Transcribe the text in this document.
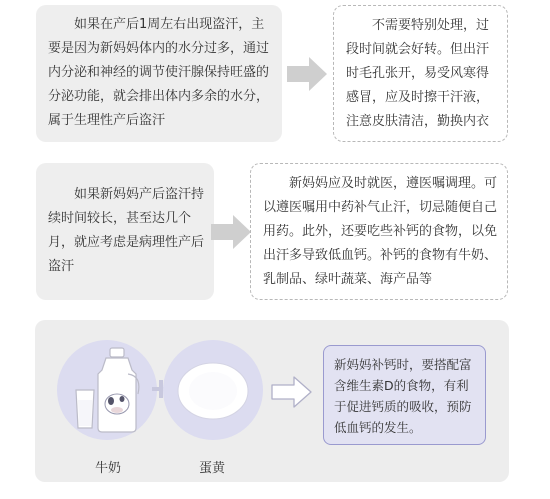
如果在产后1周左右出现盗汗，主要是因为新妈妈体内的水分过多，通过内分泌和神经的调节使汗腺保持旺盛的分泌功能，就会排出体内多余的水分，属于生理性产后盗汗
不需要特别处理，过段时间就会好转。但出汗时毛孔张开，易受风寒得感冒，应及时擦干汗液，注意皮肤清洁，勤换内衣
如果新妈妈产后盗汗持续时间较长，甚至达几个月，就应考虑是病理性产后盗汗
新妈妈应及时就医，遵医嘱调理。可以遵医嘱用中药补气止汗，切忌随便自己用药。此外，还要吃些补钙的食物，以免出汗多导致低血钙。补钙的食物有牛奶、乳制品、绿叶蔬菜、海产品等
新妈妈补钙时，要搭配富含维生素D的食物，有利于促进钙质的吸收，预防低血钙的发生。
牛奶	蛋黄
